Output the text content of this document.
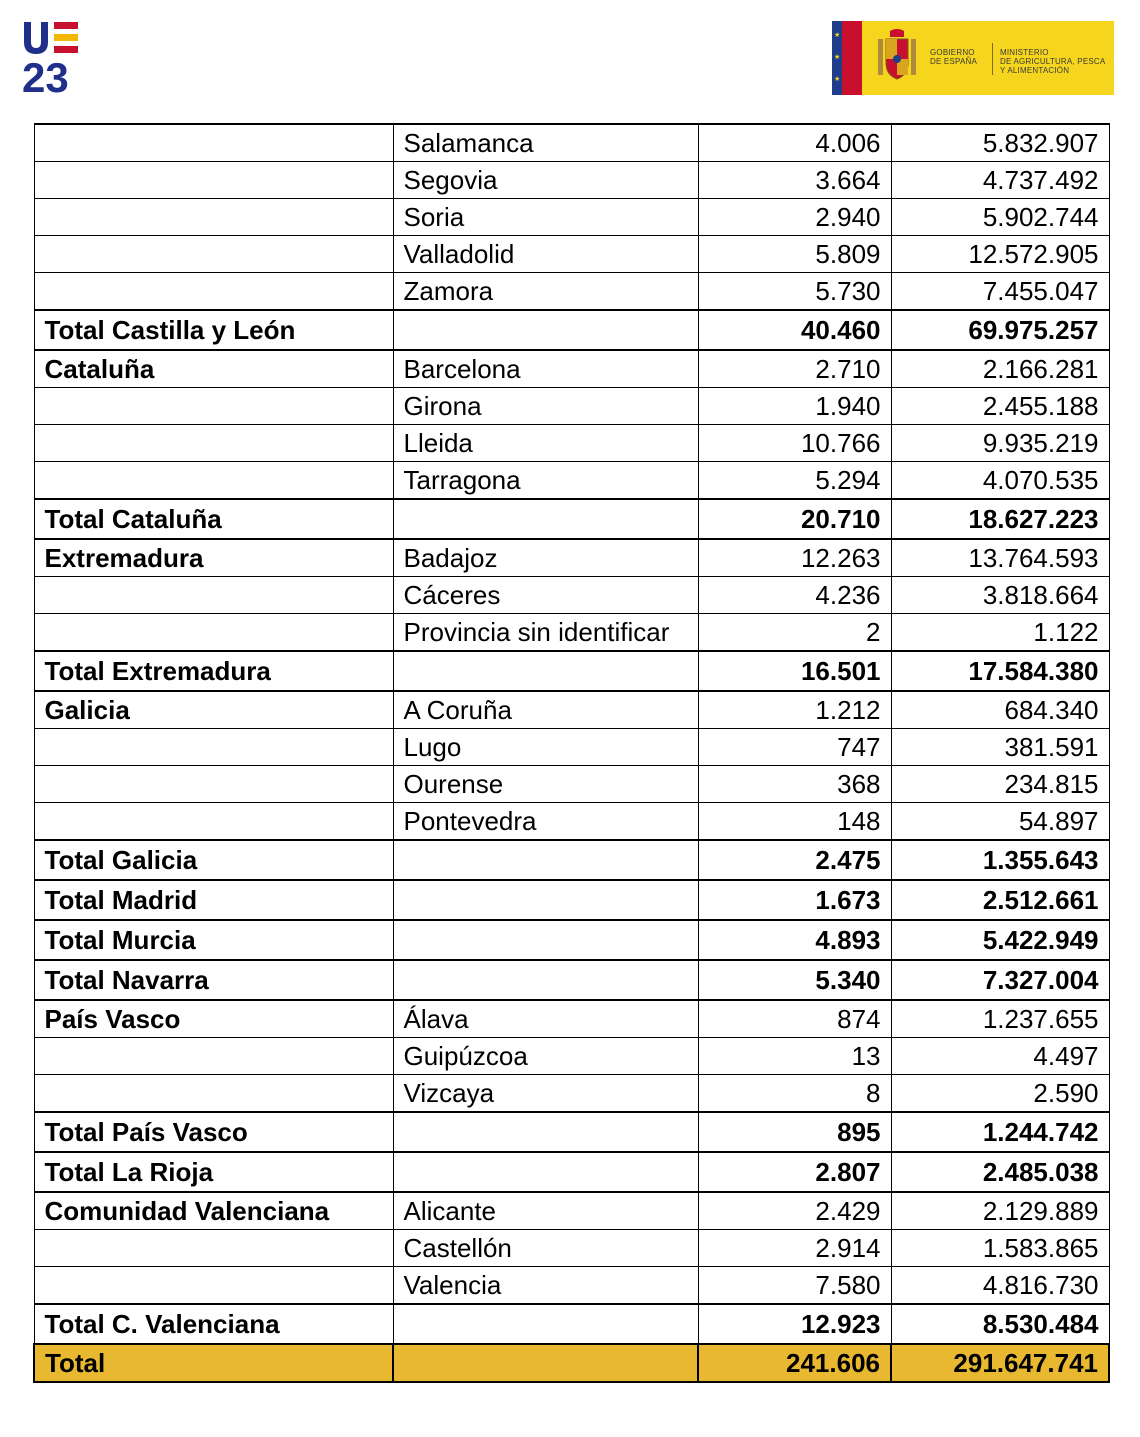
23
★
★
★
GOBIERNO
DE ESPAÑA
MINISTERIO
DE AGRICULTURA, PESCA
Y ALIMENTACIÓN
	Salamanca	4.006	5.832.907
	Segovia	3.664	4.737.492
	Soria	2.940	5.902.744
	Valladolid	5.809	12.572.905
	Zamora	5.730	7.455.047
Total Castilla y León		40.460	69.975.257
Cataluña	Barcelona	2.710	2.166.281
	Girona	1.940	2.455.188
	Lleida	10.766	9.935.219
	Tarragona	5.294	4.070.535
Total Cataluña		20.710	18.627.223
Extremadura	Badajoz	12.263	13.764.593
	Cáceres	4.236	3.818.664
	Provincia sin identificar	2	1.122
Total Extremadura		16.501	17.584.380
Galicia	A Coruña	1.212	684.340
	Lugo	747	381.591
	Ourense	368	234.815
	Pontevedra	148	54.897
Total Galicia		2.475	1.355.643
Total Madrid		1.673	2.512.661
Total Murcia		4.893	5.422.949
Total Navarra		5.340	7.327.004
País Vasco	Álava	874	1.237.655
	Guipúzcoa	13	4.497
	Vizcaya	8	2.590
Total País Vasco		895	1.244.742
Total La Rioja		2.807	2.485.038
Comunidad Valenciana	Alicante	2.429	2.129.889
	Castellón	2.914	1.583.865
	Valencia	7.580	4.816.730
Total C. Valenciana		12.923	8.530.484
Total		241.606	291.647.741
